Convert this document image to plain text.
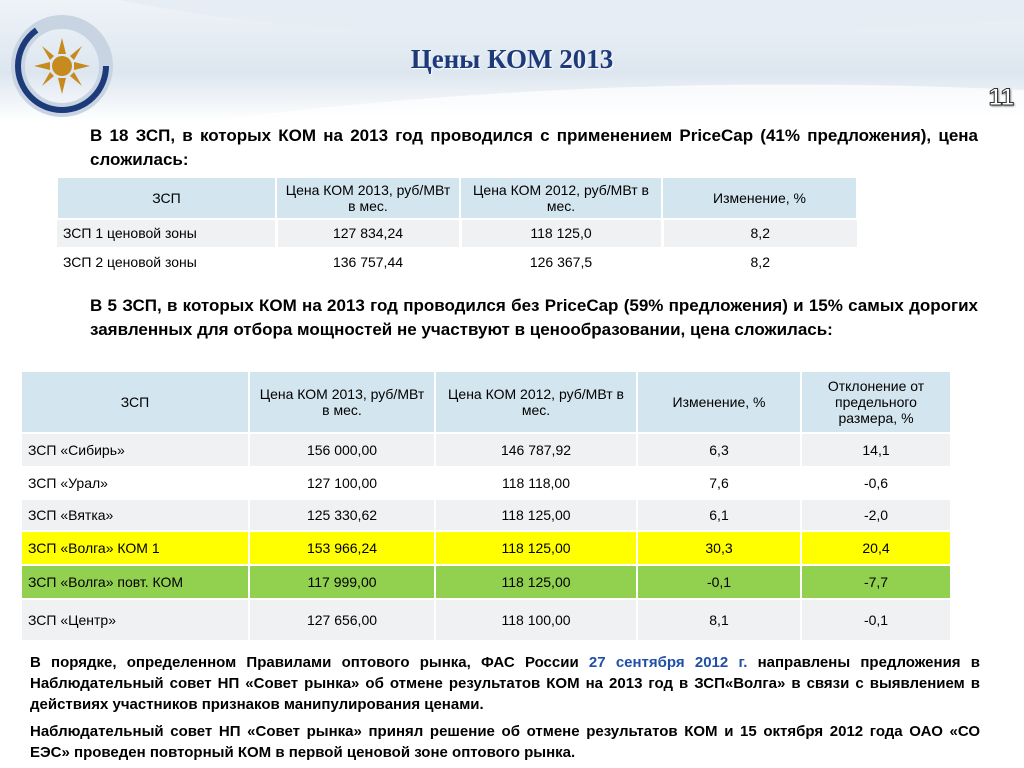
Цены КОМ 2013
11
В 18 ЗСП, в которых КОМ на 2013 год проводился с применением PriceCap (41% предложения), цена сложилась:
ЗСП	Цена КОМ 2013, руб/МВт в мес.	Цена КОМ 2012, руб/МВт в мес.	Изменение, %
ЗСП 1 ценовой зоны	127 834,24	118 125,0	8,2
ЗСП 2 ценовой зоны	136 757,44	126 367,5	8,2
В 5 ЗСП, в которых КОМ на 2013 год проводился без PriceCap (59% предложения) и 15% самых дорогих заявленных для отбора мощностей не участвуют в ценообразовании, цена сложилась:
ЗСП	Цена КОМ 2013, руб/МВт в мес.	Цена КОМ 2012, руб/МВт в мес.	Изменение, %	Отклонение от предельного размера, %
ЗСП «Сибирь»	156 000,00	146 787,92	6,3	14,1
ЗСП «Урал»	127 100,00	118 118,00	7,6	-0,6
ЗСП «Вятка»	125 330,62	118 125,00	6,1	-2,0
ЗСП «Волга» КОМ 1	153 966,24	118 125,00	30,3	20,4
ЗСП «Волга» повт. КОМ	117 999,00	118 125,00	-0,1	-7,7
ЗСП «Центр»	127 656,00	118 100,00	8,1	-0,1
В порядке, определенном Правилами оптового рынка, ФАС России 27 сентября 2012 г. направлены предложения в Наблюдательный совет НП «Совет рынка» об отмене результатов КОМ на 2013 год в ЗСП«Волга» в связи с выявлением в действиях участников признаков манипулирования ценами.
Наблюдательный совет НП «Совет рынка» принял решение об отмене результатов КОМ и 15 октября 2012 года ОАО «СО ЕЭС» проведен повторный КОМ в первой ценовой зоне оптового рынка.
